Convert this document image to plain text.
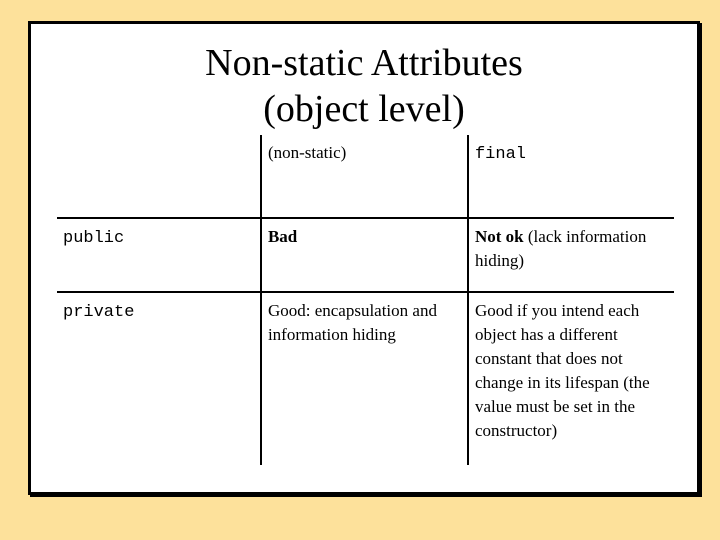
Non-static Attributes
(object level)
	(non-static)	final
public	Bad	Not ok (lack information hiding)
private	Good: encapsulation and information hiding	Good if you intend each object has a different constant that does not change in its lifespan (the value must be set in the constructor)
